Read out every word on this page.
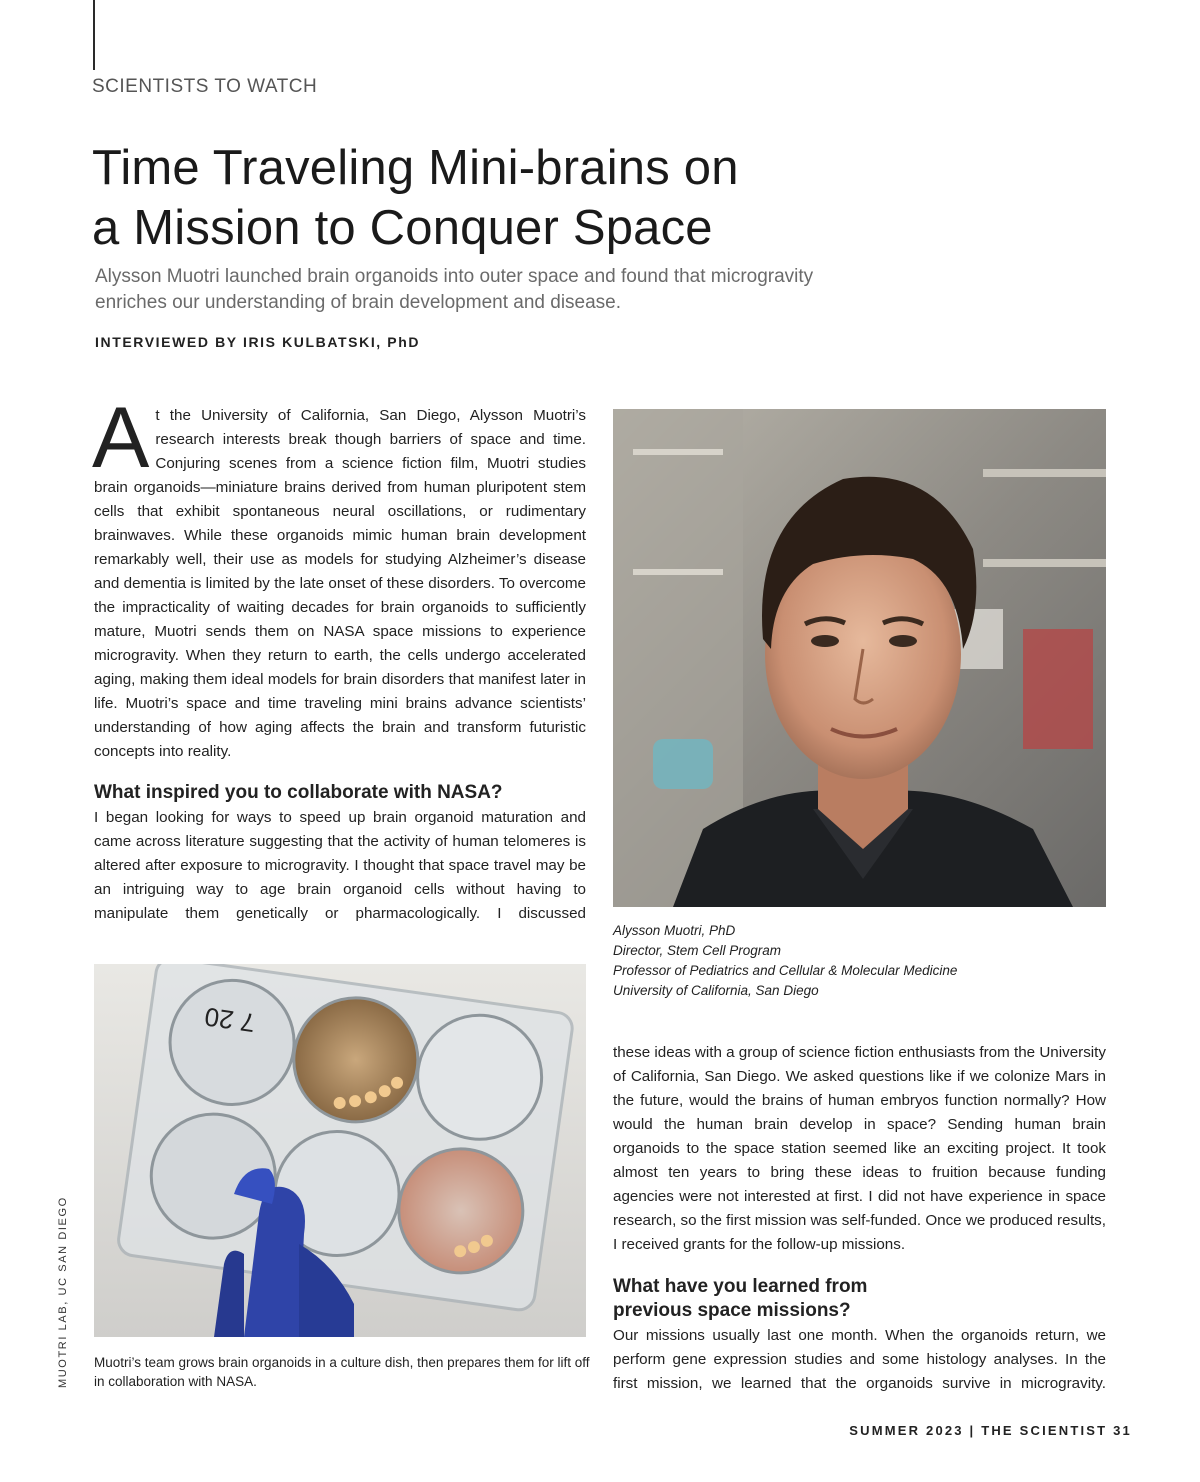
SCIENTISTS TO WATCH
Time Traveling Mini-brains on
a Mission to Conquer Space

Alysson Muotri launched brain organoids into outer space and found that microgravity enriches our understanding of brain development and disease.

INTERVIEWED BY IRIS KULBATSKI, PhD

At the University of California, San Diego, Alysson Muotri’s research interests break though barriers of space and time. Conjuring scenes from a science fiction film, Muotri studies brain organoids—miniature brains derived from human pluripotent stem cells that exhibit spontaneous neural oscillations, or rudimentary brainwaves. While these organoids mimic human brain development remarkably well, their use as models for studying Alzheimer’s disease and dementia is limited by the late onset of these disorders. To overcome the impracticality of waiting decades for brain organoids to sufficiently mature, Muotri sends them on NASA space missions to experience microgravity. When they return to earth, the cells undergo accelerated aging, making them ideal models for brain disorders that manifest later in life. Muotri’s space and time traveling mini brains advance scientists’ understanding of how aging affects the brain and transform futuristic concepts into reality.

What inspired you to collaborate with NASA?

I began looking for ways to speed up brain organoid maturation and came across literature suggesting that the activity of human telomeres is altered after exposure to microgravity. I thought that space travel may be an intriguing way to age brain organoid cells without having to manipulate them genetically or pharmacologically. I discussed

Alysson Muotri, PhD
Director, Stem Cell Program
Professor of Pediatrics and Cellular & Molecular Medicine
University of California, San Diego
7 20
Muotri’s team grows brain organoids in a culture dish, then prepares them for lift off in collaboration with NASA.

these ideas with a group of science fiction enthusiasts from the University of California, San Diego. We asked questions like if we colonize Mars in the future, would the brains of human embryos function normally? How would the human brain develop in space? Sending human brain organoids to the space station seemed like an exciting project. It took almost ten years to bring these ideas to fruition because funding agencies were not interested at first. I did not have experience in space research, so the first mission was self-funded. Once we produced results, I received grants for the follow-up missions.

What have you learned from
previous space missions?

Our missions usually last one month. When the organoids return, we perform gene expression studies and some histology analyses. In the first mission, we learned that the organoids survive in microgravity.

MUOTRI LAB, UC SAN DIEGO
SUMMER 2023 | THE SCIENTIST 31
